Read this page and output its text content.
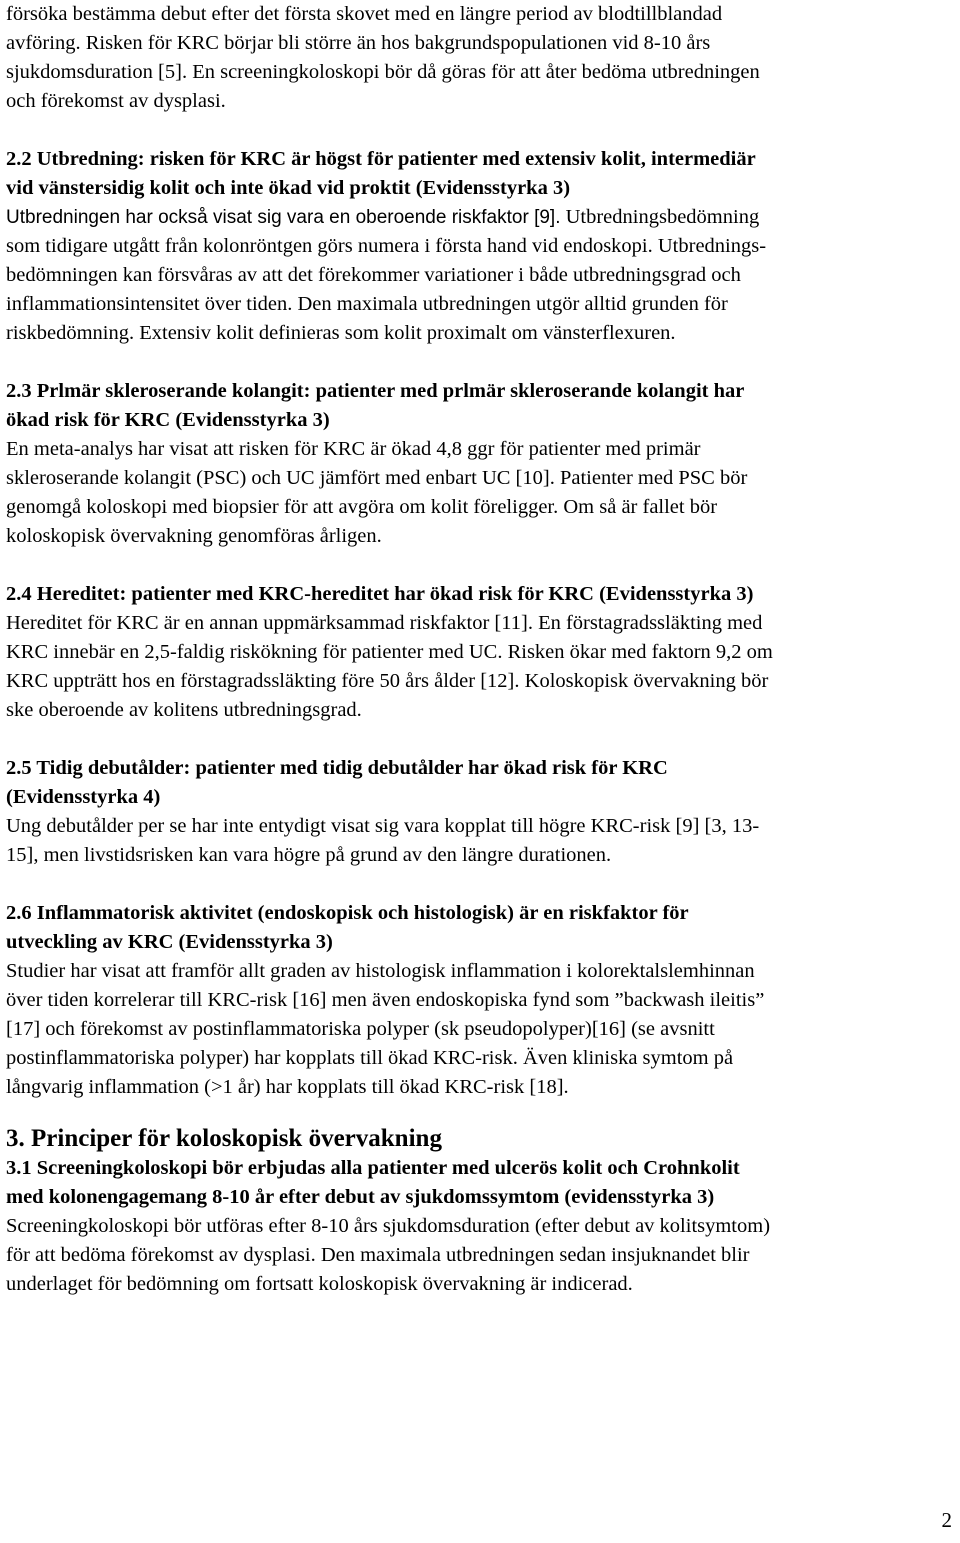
försöka bestämma debut efter det första skovet med en längre period av blodtillblandad
avföring. Risken för KRC börjar bli större än hos bakgrundspopulationen vid 8-10 års
sjukdomsduration [5]. En screeningkoloskopi bör då göras för att åter bedöma utbredningen
och förekomst av dysplasi.
2.2 Utbredning: risken för KRC är högst för patienter med extensiv kolit, intermediär
vid vänstersidig kolit och inte ökad vid proktit (Evidensstyrka 3)
Utbredningen har också visat sig vara en oberoende riskfaktor [9]. Utbredningsbedömning
som tidigare utgått från kolonröntgen görs numera i första hand vid endoskopi. Utbrednings-
bedömningen kan försvåras av att det förekommer variationer i både utbredningsgrad och
inflammationsintensitet över tiden. Den maximala utbredningen utgör alltid grunden för
riskbedömning. Extensiv kolit definieras som kolit proximalt om vänsterflexuren.
2.3 Prlmär skleroserande kolangit: patienter med prlmär skleroserande kolangit har
ökad risk för KRC (Evidensstyrka 3)
En meta-analys har visat att risken för KRC är ökad 4,8 ggr för patienter med primär
skleroserande kolangit (PSC) och UC jämfört med enbart UC [10]. Patienter med PSC bör
genomgå koloskopi med biopsier för att avgöra om kolit föreligger. Om så är fallet bör
koloskopisk övervakning genomföras årligen.
2.4 Hereditet: patienter med KRC-hereditet har ökad risk för KRC (Evidensstyrka 3)
Hereditet för KRC är en annan uppmärksammad riskfaktor [11]. En förstagradssläkting med
KRC innebär en 2,5-faldig riskökning för patienter med UC. Risken ökar med faktorn 9,2 om
KRC uppträtt hos en förstagradssläkting före 50 års ålder [12]. Koloskopisk övervakning bör
ske oberoende av kolitens utbredningsgrad.
2.5 Tidig debutålder: patienter med tidig debutålder har ökad risk för KRC
(Evidensstyrka 4)
Ung debutålder per se har inte entydigt visat sig vara kopplat till högre KRC-risk [9] [3, 13-
15], men livstidsrisken kan vara högre på grund av den längre durationen.
2.6 Inflammatorisk aktivitet (endoskopisk och histologisk) är en riskfaktor för
utveckling av KRC (Evidensstyrka 3)
Studier har visat att framför allt graden av histologisk inflammation i kolorektalslemhinnan
över tiden korrelerar till KRC-risk [16] men även endoskopiska fynd som ”backwash ileitis”
[17] och förekomst av postinflammatoriska polyper (sk pseudopolyper)[16] (se avsnitt
postinflammatoriska polyper) har kopplats till ökad KRC-risk. Även kliniska symtom på
långvarig inflammation (>1 år) har kopplats till ökad KRC-risk [18].
3. Principer för koloskopisk övervakning
3.1 Screeningkoloskopi bör erbjudas alla patienter med ulcerös kolit och Crohnkolit
med kolonengagemang 8-10 år efter debut av sjukdomssymtom (evidensstyrka 3)
Screeningkoloskopi bör utföras efter 8-10 års sjukdomsduration (efter debut av kolitsymtom)
för att bedöma förekomst av dysplasi. Den maximala utbredningen sedan insjuknandet blir
underlaget för bedömning om fortsatt koloskopisk övervakning är indicerad.
2
